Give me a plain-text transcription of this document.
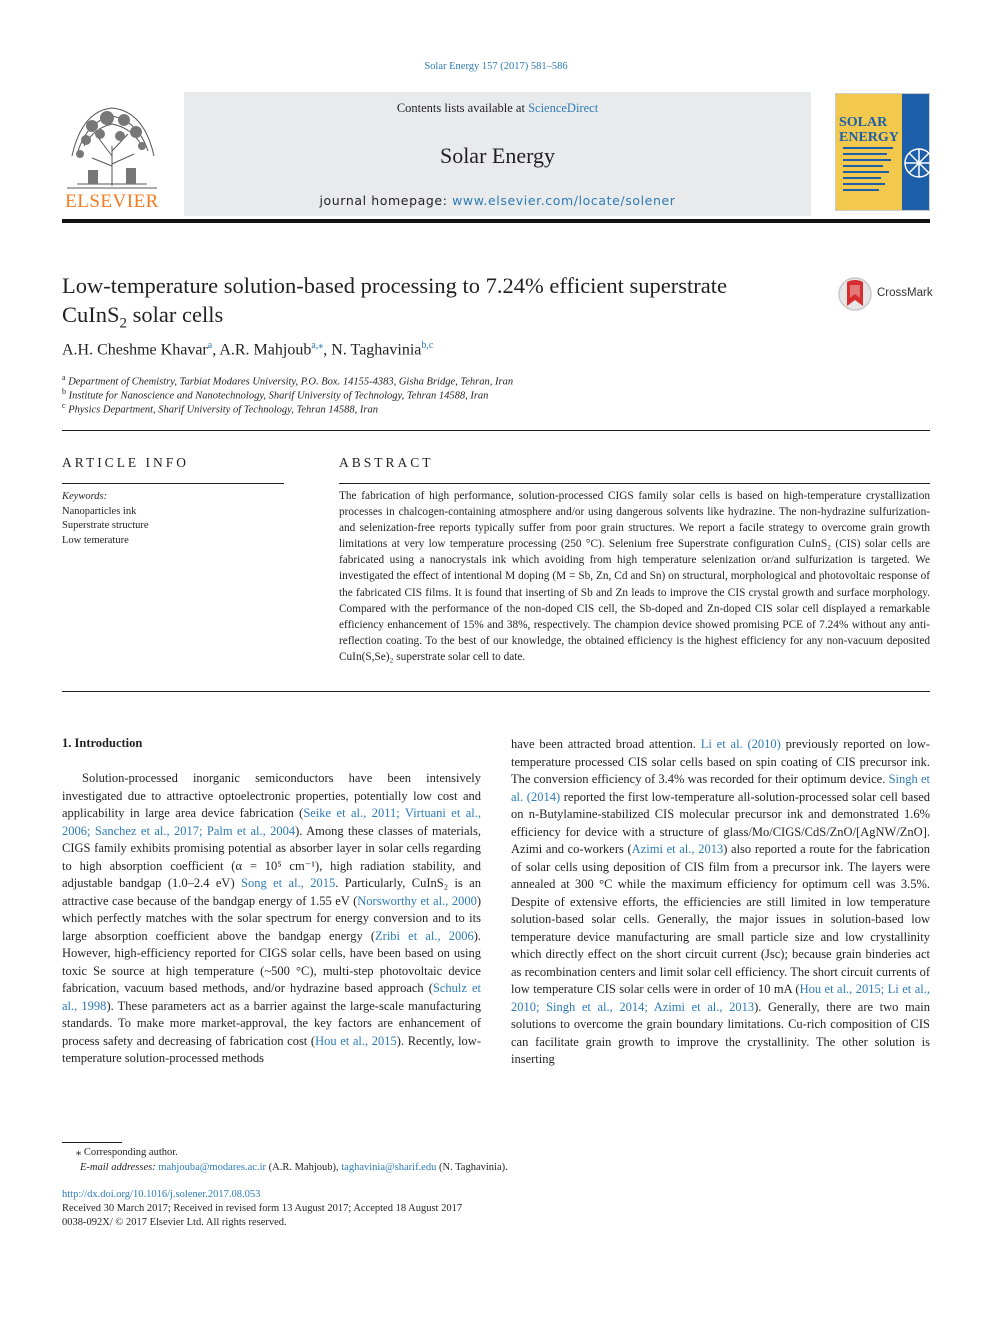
Solar Energy 157 (2017) 581–586
ELSEVIER
Contents lists available at ScienceDirect
Solar Energy
journal homepage: www.elsevier.com/locate/solener
SOLAR
ENERGY
Low-temperature solution-based processing to 7.24% efficient superstrate
CuInS$_2$ solar cells
CrossMark
A.H. Cheshme Khavar$^a$, A.R. Mahjoub$^{a,⁎}$, N. Taghavinia$^{b,c}$
$^a$ Department of Chemistry, Tarbiat Modares University, P.O. Box. 14155-4383, Gisha Bridge, Tehran, Iran
$^b$ Institute for Nanoscience and Nanotechnology, Sharif University of Technology, Tehran 14588, Iran
$^c$ Physics Department, Sharif University of Technology, Tehran 14588, Iran
ARTICLE INFO	ABSTRACT
Keywords:
Nanoparticles ink
Superstrate structure
Low temerature
The fabrication of high performance, solution-processed CIGS family solar cells is based on high-temperature crystallization processes in chalcogen-containing atmosphere and/or using dangerous solvents like hydrazine. The non-hydrazine sulfurization- and selenization-free reports typically suffer from poor grain structures. We report a facile strategy to overcome grain growth limitations at very low temperature processing (250 °C). Selenium free Superstrate configuration CuInS₂ (CIS) solar cells are fabricated using a nanocrystals ink which avoiding from high temperature selenization or/and sulfurization is targeted. We investigated the effect of intentional M doping (M = Sb, Zn, Cd and Sn) on structural, morphological and photovoltaic response of the fabricated CIS films. It is found that inserting of Sb and Zn leads to improve the CIS crystal growth and surface morphology. Compared with the performance of the non-doped CIS cell, the Sb-doped and Zn-doped CIS solar cell displayed a remarkable efficiency enhancement of 15% and 38%, respectively. The champion device showed promising PCE of 7.24% without any anti-reflection coating. To the best of our knowledge, the obtained efficiency is the highest efficiency for any non-vacuum deposited CuIn(S,Se)₂ superstrate solar cell to date.
1. Introduction

Solution-processed inorganic semiconductors have been intensively investigated due to attractive optoelectronic properties, potentially low cost and applicability in large area device fabrication (Seike et al., 2011; Virtuani et al., 2006; Sanchez et al., 2017; Palm et al., 2004). Among these classes of materials, CIGS family exhibits promising potential as absorber layer in solar cells regarding to high absorption coefficient (α = 10⁵ cm⁻¹), high radiation stability, and adjustable bandgap (1.0–2.4 eV) Song et al., 2015. Particularly, CuInS₂ is an attractive case because of the bandgap energy of 1.55 eV (Norsworthy et al., 2000) which perfectly matches with the solar spectrum for energy conversion and to its large absorption coefficient above the bandgap energy (Zribi et al., 2006). However, high-efficiency reported for CIGS solar cells, have been based on using toxic Se source at high temperature (~500 °C), multi-step photovoltaic device fabrication, vacuum based methods, and/or hydrazine based approach (Schulz et al., 1998). These parameters act as a barrier against the large-scale manufacturing standards. To make more market-approval, the key factors are enhancement of process safety and decreasing of fabrication cost (Hou et al., 2015). Recently, low-temperature solution-processed methods

have been attracted broad attention. Li et al. (2010) previously reported on low-temperature processed CIS solar cells based on spin coating of CIS precursor ink. The conversion efficiency of 3.4% was recorded for their optimum device. Singh et al. (2014) reported the first low-temperature all-solution-processed solar cell based on n-Butylamine-stabilized CIS molecular precursor ink and demonstrated 1.6% efficiency for device with a structure of glass/Mo/CIGS/CdS/ZnO/[AgNW/ZnO]. Azimi and co-workers (Azimi et al., 2013) also reported a route for the fabrication of solar cells using deposition of CIS film from a precursor ink. The layers were annealed at 300 °C while the maximum efficiency for optimum cell was 3.5%. Despite of extensive efforts, the efficiencies are still limited in low temperature solution-based solar cells. Generally, the major issues in solution-based low temperature device manufacturing are small particle size and low crystallinity which directly effect on the short circuit current (Jsc); because grain binderies act as recombination centers and limit solar cell efficiency. The short circuit currents of low temperature CIS solar cells were in order of 10 mA (Hou et al., 2015; Li et al., 2010; Singh et al., 2014; Azimi et al., 2013). Generally, there are two main solutions to overcome the grain boundary limitations. Cu-rich composition of CIS can facilitate grain growth to improve the crystallinity. The other solution is inserting

⁎ Corresponding author.
E-mail addresses: mahjouba@modares.ac.ir (A.R. Mahjoub), taghavinia@sharif.edu (N. Taghavinia).
http://dx.doi.org/10.1016/j.solener.2017.08.053
Received 30 March 2017; Received in revised form 13 August 2017; Accepted 18 August 2017
0038-092X/ © 2017 Elsevier Ltd. All rights reserved.
